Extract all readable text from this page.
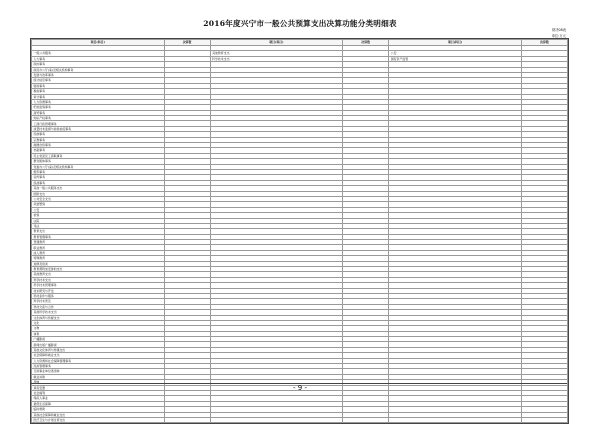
2016年度兴宁市一般公共预算支出决算功能分类明细表
财决08表
单位:万元
项目(科目)	决算数	项目(科目)	决算数	项目(科目)	决算数

一般公共服务		其他教育支出		公安	
人大事务		科学技术支出		国有资产监管	
政协事务					
政府办公厅(室)及相关机构事务					
发展与改革事务					
统计信息事务					
财政事务					
税收事务					
审计事务					
人力资源事务					
纪检监察事务					
商贸事务					
知识产权事务					
工商行政管理事务					
质量技术监督与检验检疫事务					
民族事务					
宗教事务					
港澳台侨事务					
档案事务					
民主党派及工商联事务					
群众团体事务					
党委办公厅(室)及相关机构事务					
组织事务					
宣传事务					
统战事务					
其他一般公共服务支出					
国防支出					
公共安全支出					
武装警察					
公安					
检察					
法院					
司法					
教育支出					
教育管理事务					
普通教育					
职业教育					
成人教育					
特殊教育					
进修及培训					
教育费附加安排的支出					
其他教育支出					
科学技术支出					
科学技术管理事务					
技术研究与开发					
科技条件与服务					
科学技术普及					
科技交流与合作					
其他科学技术支出					
文化体育与传媒支出					
文化					
文物					
体育					
广播影视					
新闻出版广播影视					
其他文化体育与传媒支出					
社会保障和就业支出					
人力资源和社会保障管理事务					
民政管理事务					
行政事业单位离退休					
就业补助					
抚恤					
退役安置					
社会福利					
残疾人事业					
最低生活保障					
临时救助					
其他社会保障和就业支出					
医疗卫生与计划生育支出					
- 9 -
